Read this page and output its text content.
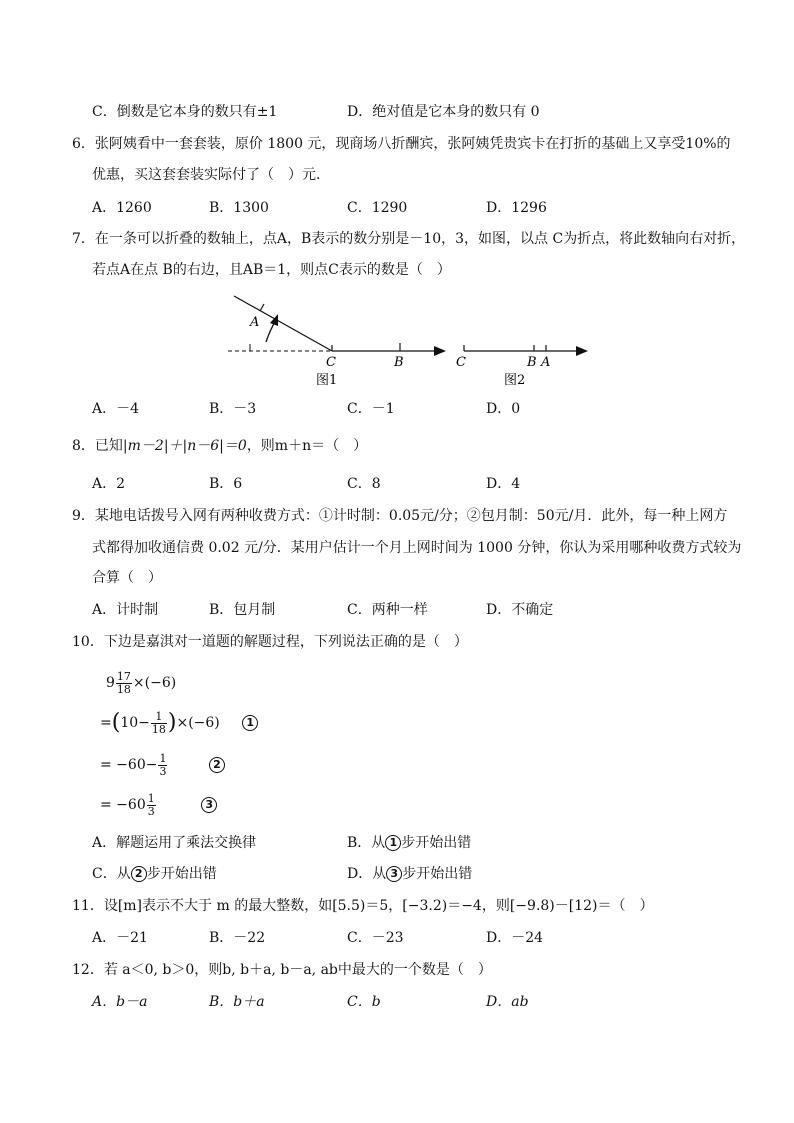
C．倒数是它本身的数只有±1	D．绝对值是它本身的数只有 0
6．张阿姨看中一套套装，原价 1800 元，现商场八折酬宾，张阿姨凭贵宾卡在打折的基础上又享受10%的
优惠，买这套套装实际付了（　）元．
A．1260	B．1300	C．1290	D．1296
7．在一条可以折叠的数轴上，点A，B表示的数分别是－10，3，如图，以点 C为折点，将此数轴向右对折，
若点A在点 B的右边，且AB＝1，则点C表示的数是（　）
A
C	B
图1
C	B A
图2
A．－4	B．－3	C．－1	D．0
8．已知|m－2|＋|n－6|＝0，则m＋n＝（　）
A．2	B．6	C．8	D．4
9．某地电话拨号入网有两种收费方式：①计时制：0.05元/分；②包月制：50元/月．此外，每一种上网方
式都得加收通信费 0.02 元/分．某用户估计一个月上网时间为 1000 分钟，你认为采用哪种收费方式较为
合算（　）
A．计时制	B．包月制	C．两种一样	D．不确定
10．下边是嘉淇对一道题的解题过程，下列说法正确的是（　）
$9 \frac{17}{18} \times(-6)$
$=(10- \frac{1}{18} )\times(-6)$ 1
= $-60- \frac{1}{3}$	2
= $-60 \frac{1}{3}$	3
A．解题运用了乘法交换律	B．从 1 步开始出错
C．从 2 步开始出错	D．从 3 步开始出错
11．设[m]表示不大于 m 的最大整数，如[5.5)＝5，[−3.2)＝−4，则[−9.8)－[12)＝（　）
A．－21	B．－22	C．－23	D．－24
12．若 a＜0, b＞0，则b, b＋a, b－a, ab中最大的一个数是（　）
A．b－a	B．b＋a	C．b	D．ab
